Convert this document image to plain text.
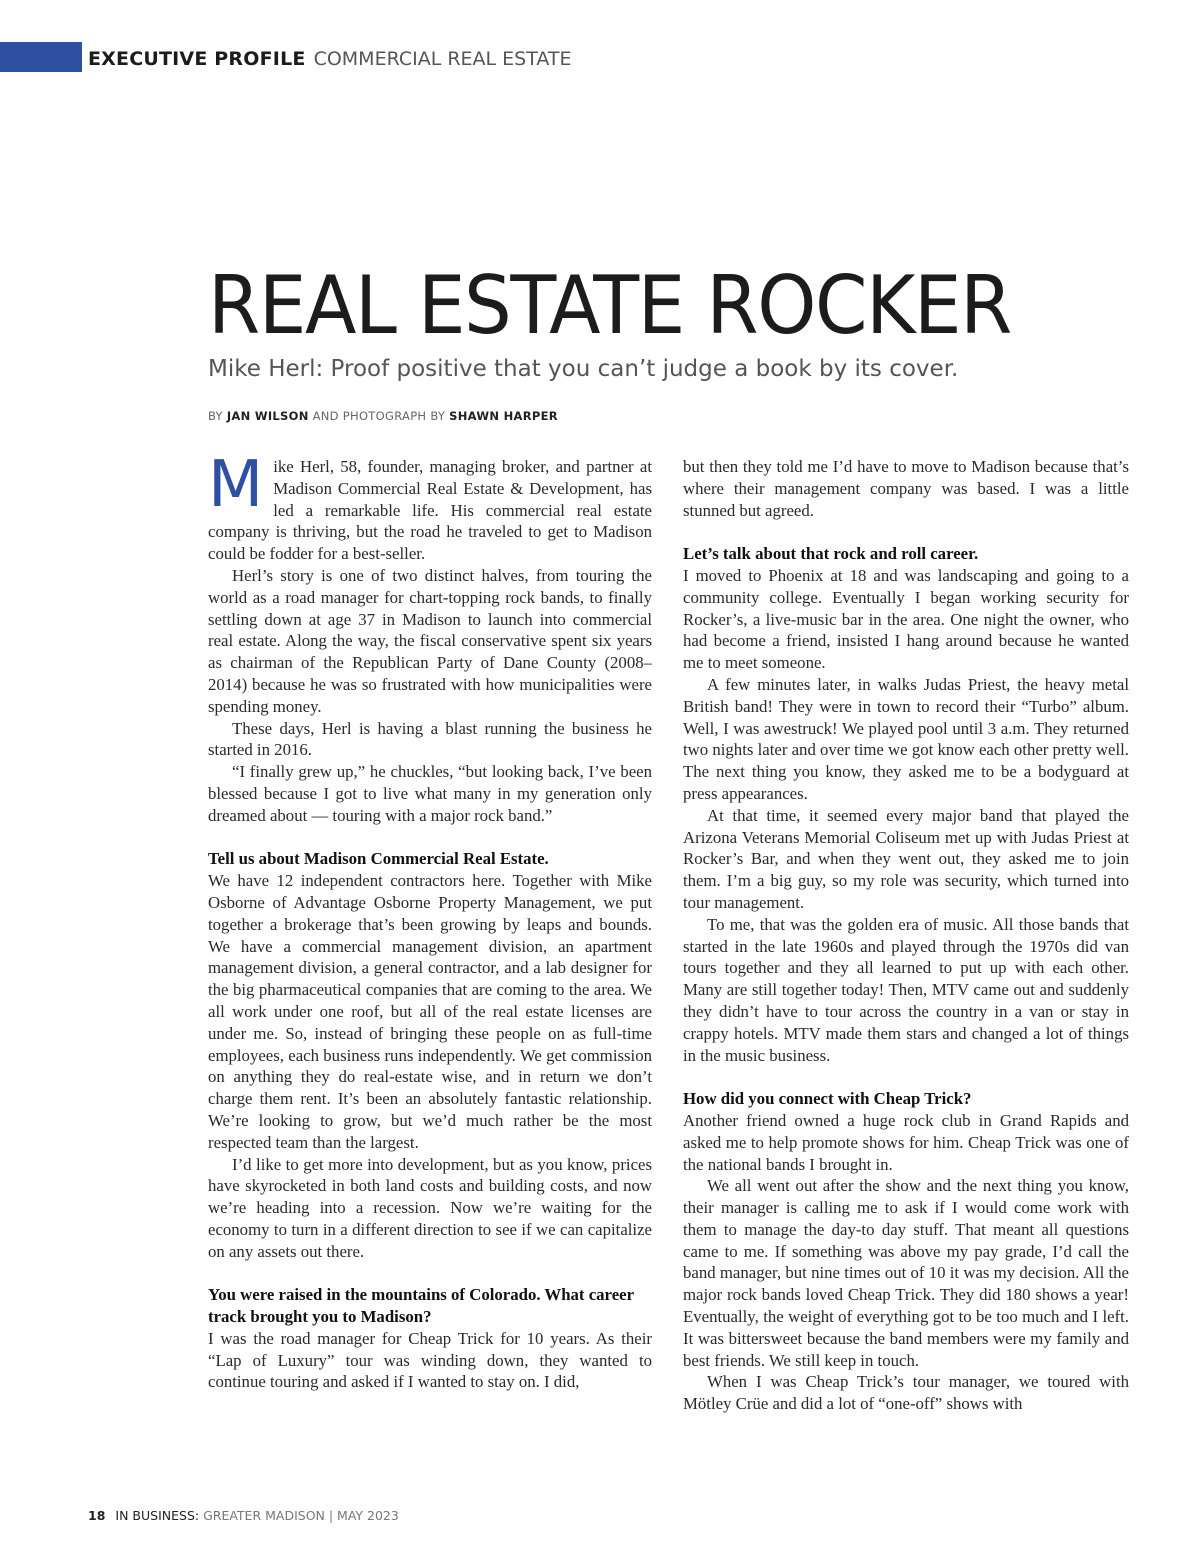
EXECUTIVE PROFILE COMMERCIAL REAL ESTATE
REAL ESTATE ROCKER
Mike Herl: Proof positive that you can’t judge a book by its cover.
BY JAN WILSON AND PHOTOGRAPH BY SHAWN HARPER

Mike Herl, 58, founder, managing broker, and partner at Madison Commercial Real Estate & Development, has led a remarkable life. His commercial real estate company is thriving, but the road he traveled to get to Madison could be fodder for a best-seller.

Herl’s story is one of two distinct halves, from touring the world as a road manager for chart-topping rock bands, to finally settling down at age 37 in Madison to launch into commercial real estate. Along the way, the fiscal conservative spent six years as chairman of the Republican Party of Dane County (2008–2014) because he was so frustrated with how municipalities were spending money.

These days, Herl is having a blast running the business he started in 2016.

“I finally grew up,” he chuckles, “but looking back, I’ve been blessed because I got to live what many in my generation only dreamed about — touring with a major rock band.”

Tell us about Madison Commercial Real Estate.

We have 12 independent contractors here. Together with Mike Osborne of Advantage Osborne Property Management, we put together a brokerage that’s been growing by leaps and bounds. We have a commercial management division, an apartment management division, a general contractor, and a lab designer for the big pharmaceutical companies that are coming to the area. We all work under one roof, but all of the real estate licenses are under me. So, instead of bringing these people on as full-time employees, each business runs independently. We get commission on anything they do real-estate wise, and in return we don’t charge them rent. It’s been an absolutely fantastic relationship. We’re looking to grow, but we’d much rather be the most respected team than the largest.

I’d like to get more into development, but as you know, prices have skyrocketed in both land costs and building costs, and now we’re heading into a recession. Now we’re waiting for the economy to turn in a different direction to see if we can capitalize on any assets out there.

You were raised in the mountains of Colorado. What career track brought you to Madison?

I was the road manager for Cheap Trick for 10 years. As their “Lap of Luxury” tour was winding down, they wanted to continue touring and asked if I wanted to stay on. I did,

but then they told me I’d have to move to Madison because that’s where their management company was based. I was a little stunned but agreed.

Let’s talk about that rock and roll career.

I moved to Phoenix at 18 and was landscaping and going to a community college. Eventually I began working security for Rocker’s, a live-music bar in the area. One night the owner, who had become a friend, insisted I hang around because he wanted me to meet someone.

A few minutes later, in walks Judas Priest, the heavy metal British band! They were in town to record their “Turbo” album. Well, I was awestruck! We played pool until 3 a.m. They returned two nights later and over time we got know each other pretty well. The next thing you know, they asked me to be a bodyguard at press appearances.

At that time, it seemed every major band that played the Arizona Veterans Memorial Coliseum met up with Judas Priest at Rocker’s Bar, and when they went out, they asked me to join them. I’m a big guy, so my role was security, which turned into tour management.

To me, that was the golden era of music. All those bands that started in the late 1960s and played through the 1970s did van tours together and they all learned to put up with each other. Many are still together today! Then, MTV came out and suddenly they didn’t have to tour across the country in a van or stay in crappy hotels. MTV made them stars and changed a lot of things in the music business.

How did you connect with Cheap Trick?

Another friend owned a huge rock club in Grand Rapids and asked me to help promote shows for him. Cheap Trick was one of the national bands I brought in.

We all went out after the show and the next thing you know, their manager is calling me to ask if I would come work with them to manage the day-to day stuff. That meant all questions came to me. If something was above my pay grade, I’d call the band manager, but nine times out of 10 it was my decision. All the major rock bands loved Cheap Trick. They did 180 shows a year! Eventually, the weight of everything got to be too much and I left. It was bittersweet because the band members were my family and best friends. We still keep in touch.

When I was Cheap Trick’s tour manager, we toured with Mötley Crüe and did a lot of “one-off” shows with

18 IN BUSINESS: GREATER MADISON | MAY 2023
